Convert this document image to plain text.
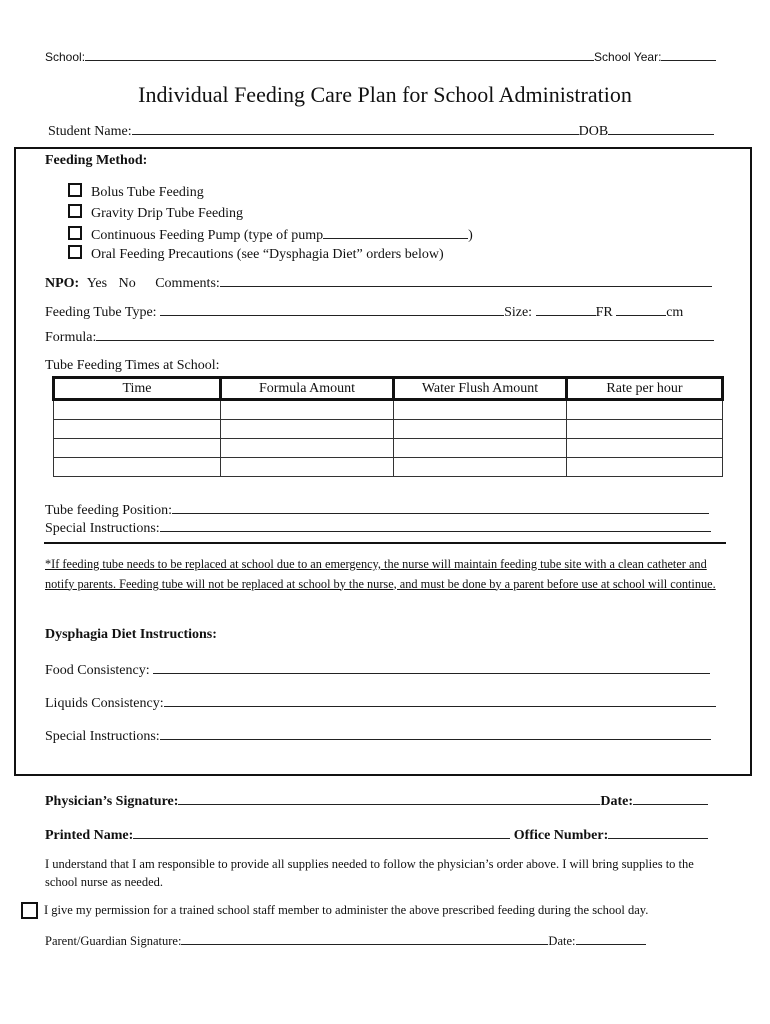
School:	School Year:
Individual Feeding Care Plan for School Administration
Student Name:	DOB
Feeding Method:
Bolus Tube Feeding
Gravity Drip Tube Feeding
Continuous Feeding Pump (type of pump	)
Oral Feeding Precautions (see “Dysphagia Diet” orders below)
NPO: Yes No Comments:
Feeding Tube Type:	Size:	FR	cm
Formula:
Tube Feeding Times at School:
Time	Formula Amount	Water Flush Amount	Rate per hour

Tube feeding Position:
Special Instructions:
*If feeding tube needs to be replaced at school due to an emergency, the nurse will maintain feeding tube site with a clean catheter and notify parents. Feeding tube will not be replaced at school by the nurse, and must be done by a parent before use at school will continue.
Dysphagia Diet Instructions:
Food Consistency:
Liquids Consistency:
Special Instructions:
Physician’s Signature:	Date:
Printed Name:	Office Number:
I understand that I am responsible to provide all supplies needed to follow the physician’s order above. I will bring supplies to the school nurse as needed.
I give my permission for a trained school staff member to administer the above prescribed feeding during the school day.
Parent/Guardian Signature:	Date:
